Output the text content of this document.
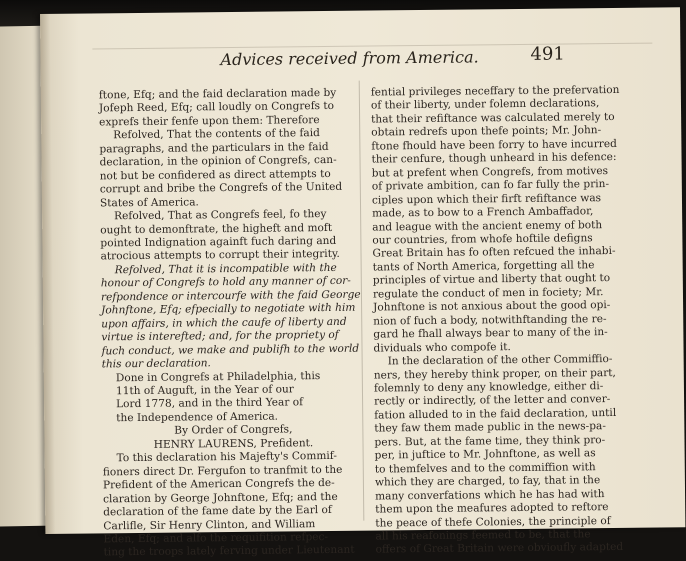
Advices received from America.	491
ftone, Efq; and the faid declaration made by
Jofeph Reed, Efq; call loudly on Congrefs to
exprefs their fenfe upon them: Therefore
Refolved, That the contents of the faid
paragraphs, and the particulars in the faid
declaration, in the opinion of Congrefs, can-
not but be confidered as direct attempts to
corrupt and bribe the Congrefs of the United
States of America.
Refolved, That as Congrefs feel, fo they
ought to demonftrate, the higheft and moft
pointed Indignation againft fuch daring and
atrocious attempts to corrupt their integrity.
Refolved, That it is incompatible with the
honour of Congrefs to hold any manner of cor-
refpondence or intercourfe with the faid George
Johnftone, Efq; efpecially to negotiate with him
upon affairs, in which the caufe of liberty and
virtue is interefted; and, for the propriety of
fuch conduct, we make and publifh to the world
this our declaration.
Done in Congrefs at Philadelphia, this
11th of Auguft, in the Year of our
Lord 1778, and in the third Year of
the Independence of America.
By Order of Congrefs,
HENRY LAURENS, Prefident.
To this declaration his Majefty's Commif-
fioners direct Dr. Fergufon to tranfmit to the
Prefident of the American Congrefs the de-
claration by George Johnftone, Efq; and the
declaration of the fame date by the Earl of
Carlifle, Sir Henry Clinton, and William
Eden, Efq; and alfo the requifition refpec-
ting the troops lately ferving under Lieutenant
fential privileges neceffary to the prefervation
of their liberty, under folemn declarations,
that their refiftance was calculated merely to
obtain redrefs upon thefe points; Mr. John-
ftone fhould have been forry to have incurred
their cenfure, though unheard in his defence:
but at prefent when Congrefs, from motives
of private ambition, can fo far fully the prin-
ciples upon which their firft refiftance was
made, as to bow to a French Ambaffador,
and league with the ancient enemy of both
our countries, from whofe hoftile defigns
Great Britain has fo often refcued the inhabi-
tants of North America, forgetting all the
principles of virtue and liberty that ought to
regulate the conduct of men in fociety; Mr.
Johnftone is not anxious about the good opi-
nion of fuch a body, notwithftanding the re-
gard he fhall always bear to many of the in-
dividuals who compofe it.
In the declaration of the other Commiffio-
ners, they hereby think proper, on their part,
folemnly to deny any knowledge, either di-
rectly or indirectly, of the letter and conver-
fation alluded to in the faid declaration, until
they faw them made public in the news-pa-
pers. But, at the fame time, they think pro-
per, in juftice to Mr. Johnftone, as well as
to themfelves and to the commiffion with
which they are charged, to fay, that in the
many converfations which he has had with
them upon the meafures adopted to reftore
the peace of thefe Colonies, the principle of
all his reafonings feemed to be, that the
offers of Great Britain were obvioufly adapted
